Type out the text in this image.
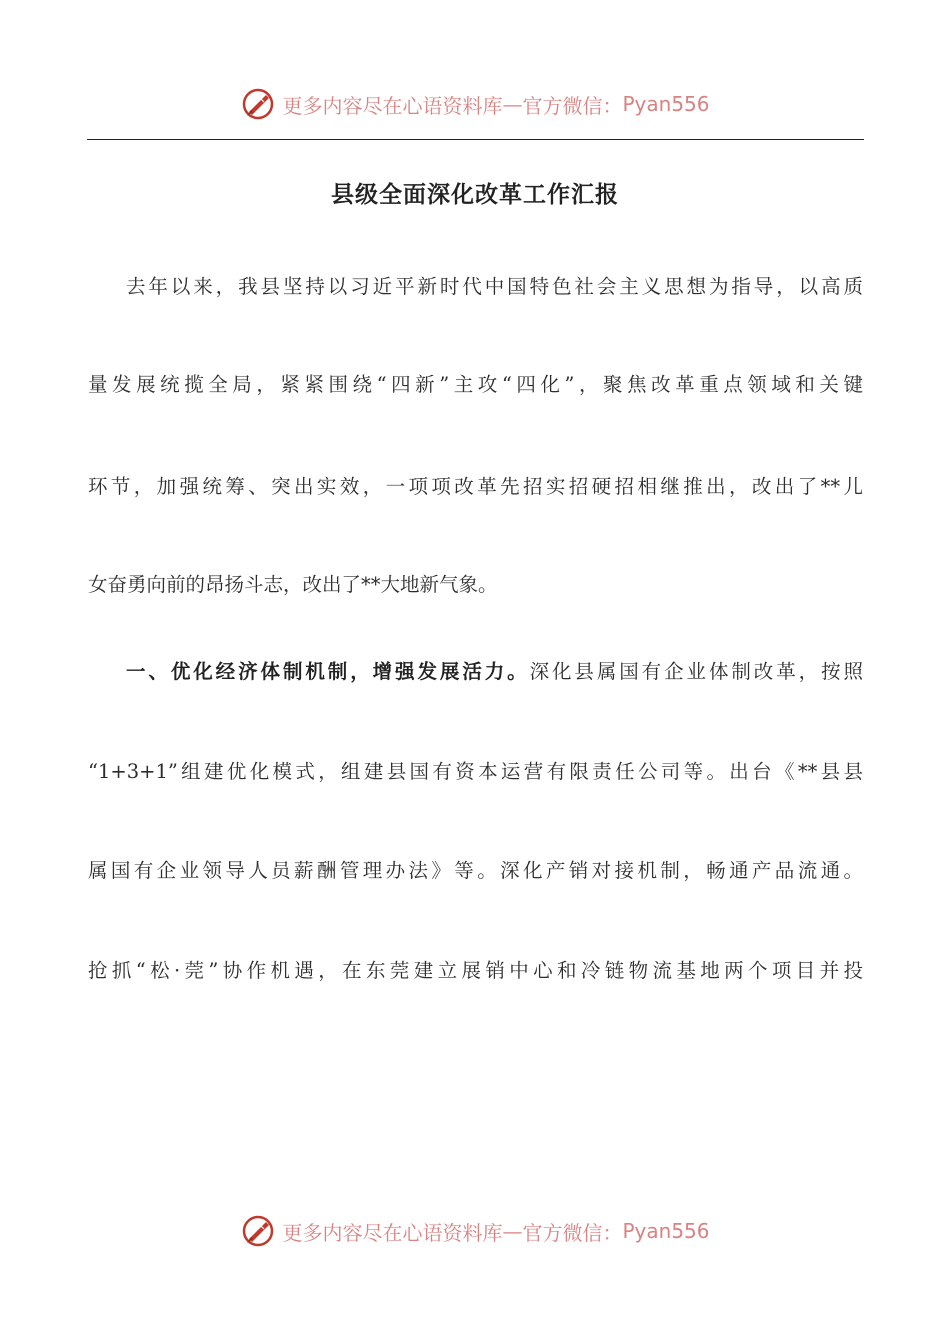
更多内容尽在心语资料库 — 官方微信： Pyan556
县级全面深化改革工作汇报
去年以来，我县坚持以习近平新时代中国特色社会主义思想为指导，以高质
量发展统揽全局，紧紧围绕“四新”主攻“四化”，聚焦改革重点领域和关键
环节，加强统筹、突出实效，一项项改革先招实招硬招相继推出，改出了**儿
女奋勇向前的昂扬斗志，改出了**大地新气象。
一、优化经济体制机制，增强发展活力。深化县属国有企业体制改革，按照
“1+3+1”组建优化模式，组建县国有资本运营有限责任公司等。出台《**县县
属国有企业领导人员薪酬管理办法》等。深化产销对接机制，畅通产品流通。
抢抓“松·莞”协作机遇，在东莞建立展销中心和冷链物流基地两个项目并投
更多内容尽在心语资料库 — 官方微信： Pyan556
